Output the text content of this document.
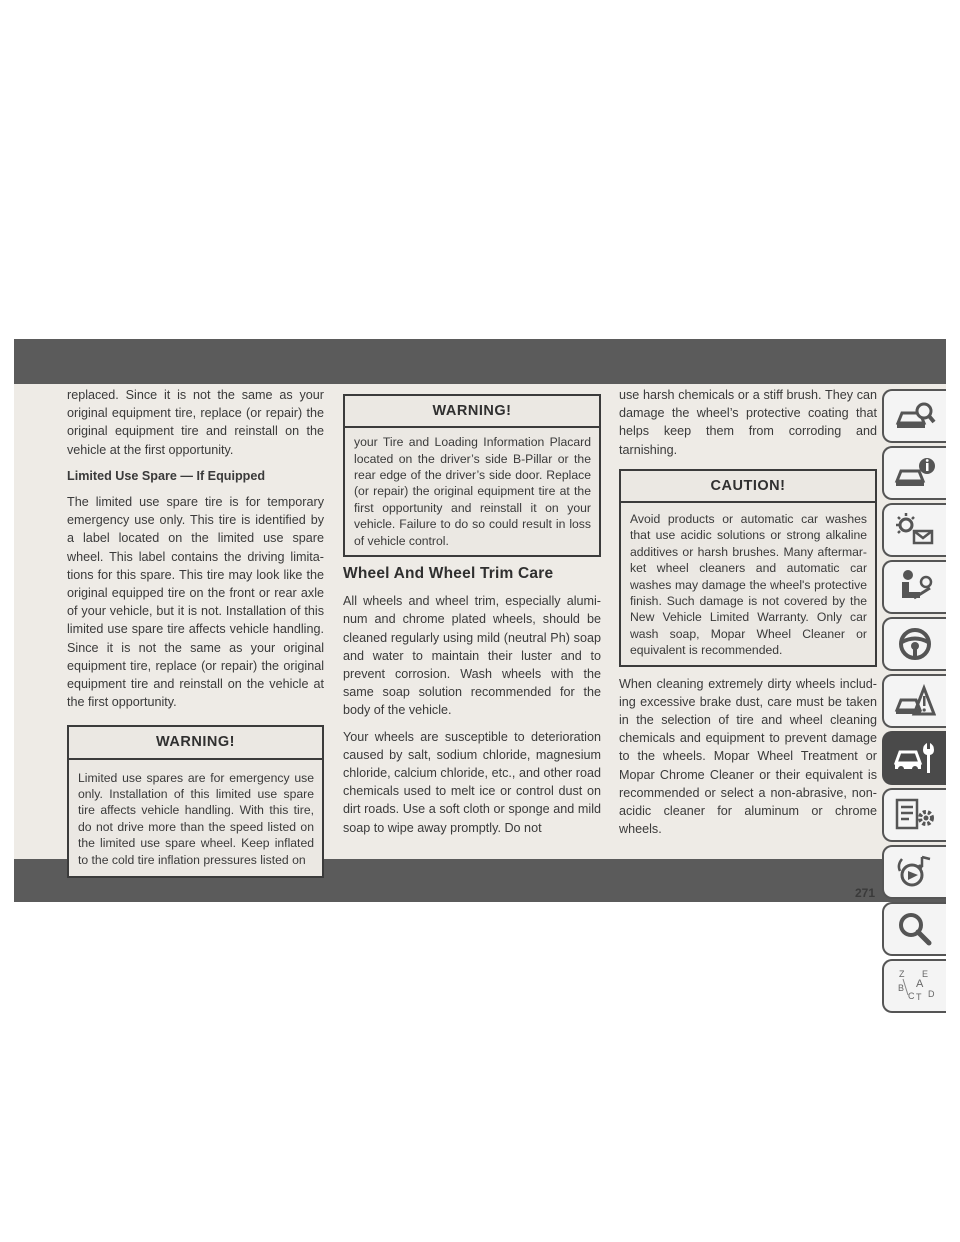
replaced. Since it is not the same as your original equipment tire, replace (or repair) the original equipment tire and reinstall on the vehicle at the first opportunity.

Limited Use Spare — If Equipped

The limited use spare tire is for temporary emergency use only. This tire is identified by a label located on the limited use spare wheel. This label contains the driving limita-tions for this spare. This tire may look like the original equipped tire on the front or rear axle of your vehicle, but it is not. Installation of this limited use spare tire affects vehicle handling. Since it is not the same as your original equipment tire, replace (or repair) the original equipment tire and reinstall on the vehicle at the first opportunity.

WARNING!
Limited use spares are for emergency use only. Installation of this limited use spare tire affects vehicle handling. With this tire, do not drive more than the speed listed on the limited use spare wheel. Keep inflated to the cold tire inflation pressures listed on
WARNING!
your Tire and Loading Information Placard located on the driver’s side B-Pillar or the rear edge of the driver’s side door. Replace (or repair) the original equipment tire at the first opportunity and reinstall it on your vehicle. Failure to do so could result in loss of vehicle control.
Wheel And Wheel Trim Care

All wheels and wheel trim, especially alumi-num and chrome plated wheels, should be cleaned regularly using mild (neutral Ph) soap and water to maintain their luster and to prevent corrosion. Wash wheels with the same soap solution recommended for the body of the vehicle.

Your wheels are susceptible to deterioration caused by salt, sodium chloride, magnesium chloride, calcium chloride, etc., and other road chemicals used to melt ice or control dust on dirt roads. Use a soft cloth or sponge and mild soap to wipe away promptly. Do not

use harsh chemicals or a stiff brush. They can damage the wheel’s protective coating that helps keep them from corroding and tarnishing.

CAUTION!
Avoid products or automatic car washes that use acidic solutions or strong alkaline additives or harsh brushes. Many aftermar-ket wheel cleaners and automatic car washes may damage the wheel's protective finish. Such damage is not covered by the New Vehicle Limited Warranty. Only car wash soap, Mopar Wheel Cleaner or equivalent is recommended.

When cleaning extremely dirty wheels includ-ing excessive brake dust, care must be taken in the selection of tire and wheel cleaning chemicals and equipment to prevent damage to the wheels. Mopar Wheel Treatment or Mopar Chrome Cleaner or their equivalent is recommended or select a non-abrasive, non-acidic cleaner for aluminum or chrome wheels.

Z E
A
B
C T D
271
